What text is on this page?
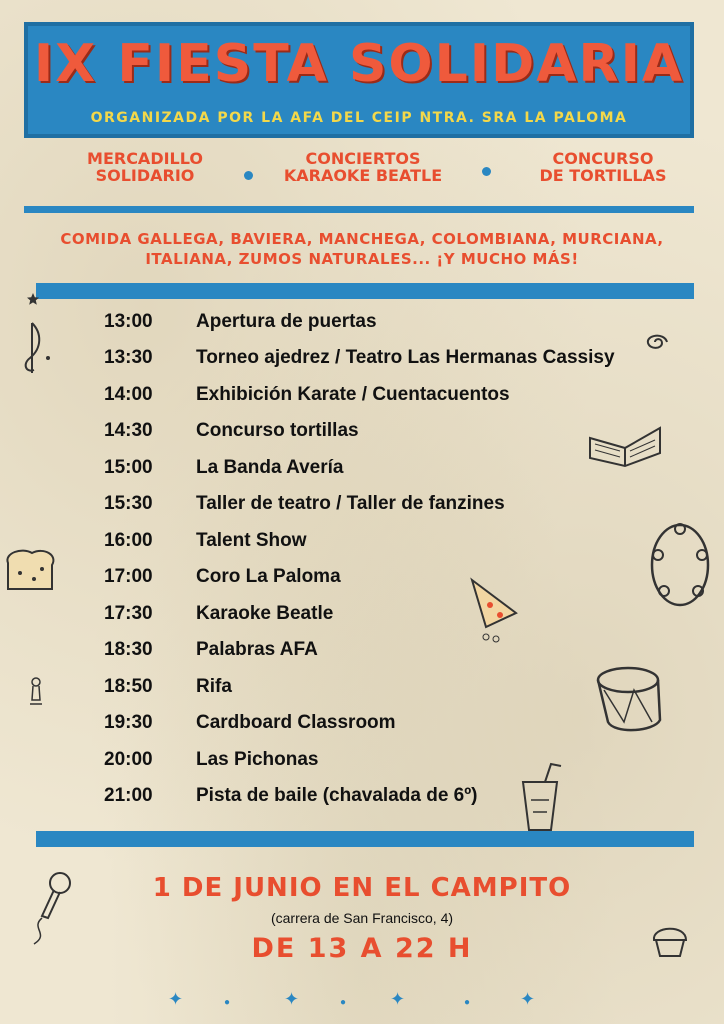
IX FIESTA SOLIDARIA
ORGANIZADA POR LA AFA DEL CEIP NTRA. SRA LA PALOMA
MERCADILLO
SOLIDARIO
CONCIERTOS
KARAOKE BEATLE
CONCURSO
DE TORTILLAS
COMIDA GALLEGA, BAVIERA, MANCHEGA, COLOMBIANA, MURCIANA,
ITALIANA, ZUMOS NATURALES... ¡Y MUCHO MÁS!
13:00	Apertura de puertas
13:30	Torneo ajedrez / Teatro Las Hermanas Cassisy
14:00	Exhibición Karate / Cuentacuentos
14:30	Concurso tortillas
15:00	La Banda Avería
15:30	Taller de teatro / Taller de fanzines
16:00	Talent Show
17:00	Coro La Paloma
17:30	Karaoke Beatle
18:30	Palabras AFA
18:50	Rifa
19:30	Cardboard Classroom
20:00	Las Pichonas
21:00	Pista de baile (chavalada de 6º)
1 DE JUNIO EN EL CAMPITO
(carrera de San Francisco, 4)
DE 13 A 22 H
✦	●	✦	● ✦	●	✦
